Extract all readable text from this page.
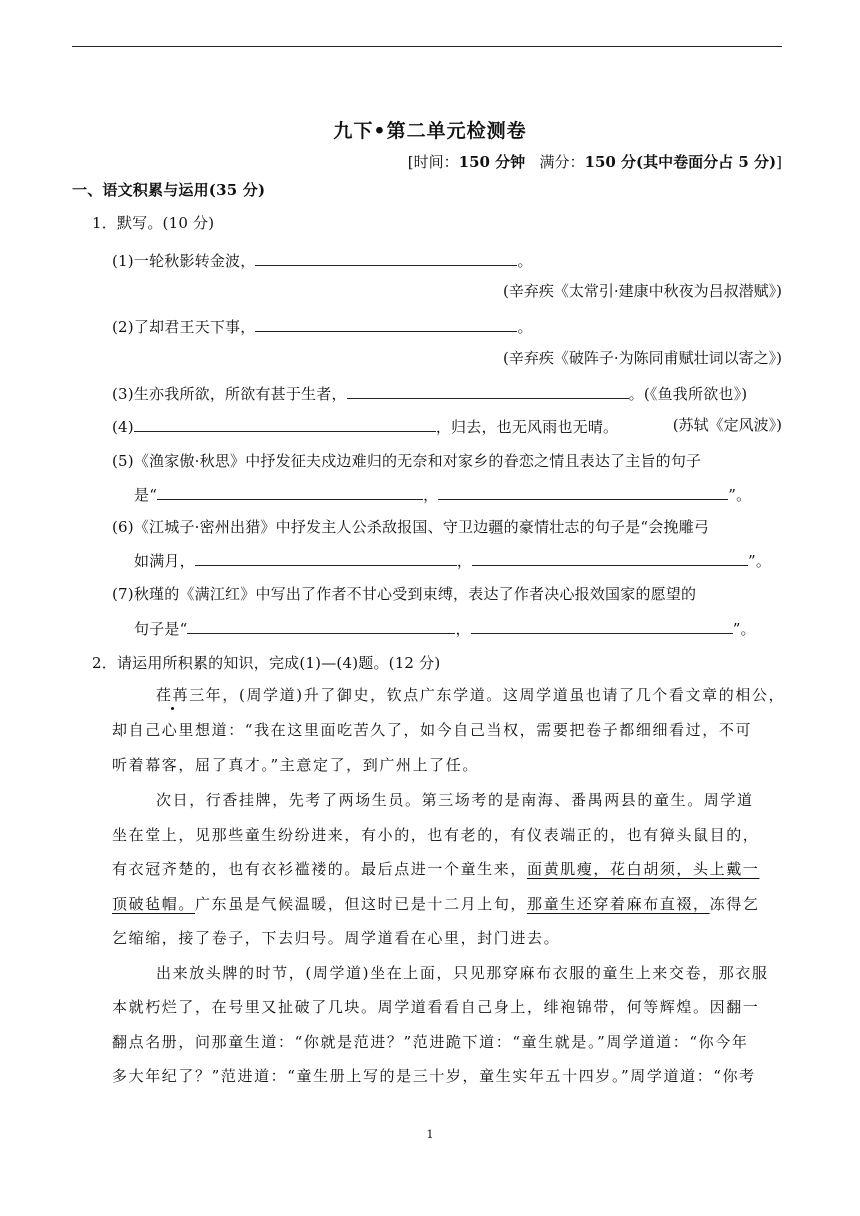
九下•第二单元检测卷
[时间：150 分钟 满分：150 分(其中卷面分占 5 分)]
一、语文积累与运用(35 分)
1．默写。(10 分)
(1)一轮秋影转金波，	。
(辛弃疾《太常引·建康中秋夜为吕叔潜赋》)
(2)了却君王天下事，	。
(辛弃疾《破阵子·为陈同甫赋壮词以寄之》)
(3)生亦我所欲，所欲有甚于生者，	。(《鱼我所欲也》)
(4)	，归去，也无风雨也无晴。	(苏轼《定风波》)
(5)《渔家傲·秋思》中抒发征夫戍边难归的无奈和对家乡的眷恋之情且表达了主旨的句子
是“	，	”。
(6)《江城子·密州出猎》中抒发主人公杀敌报国、守卫边疆的豪情壮志的句子是“会挽雕弓
如满月，	，	”。
(7)秋瑾的《满江红》中写出了作者不甘心受到束缚，表达了作者决心报效国家的愿望的
句子是“	，	”。
2．请运用所积累的知识，完成(1)—(4)题。(12 分)
荏苒三年，(周学道)升了御史，钦点广东学道。这周学道虽也请了几个看文章的相公，
却自己心里想道：“我在这里面吃苦久了，如今自己当权，需要把卷子都细细看过，不可
听着幕客，屈了真才。”主意定了，到广州上了任。
次日，行香挂牌，先考了两场生员。第三场考的是南海、番禺两县的童生。周学道
坐在堂上，见那些童生纷纷进来，有小的，也有老的，有仪表端正的，也有獐头鼠目的，
有衣冠齐楚的，也有衣衫褴褛的。最后点进一个童生来，面黄肌瘦，花白胡须，头上戴一
顶破毡帽。广东虽是气候温暖，但这时已是十二月上旬，那童生还穿着麻布直裰，冻得乞
乞缩缩，接了卷子，下去归号。周学道看在心里，封门进去。
出来放头牌的时节，(周学道)坐在上面，只见那穿麻布衣服的童生上来交卷，那衣服
本就朽烂了，在号里又扯破了几块。周学道看看自己身上，绯袍锦带，何等辉煌。因翻一
翻点名册，问那童生道：“你就是范进？”范进跪下道：“童生就是。”周学道道：“你今年
多大年纪了？”范进道：“童生册上写的是三十岁，童生实年五十四岁。”周学道道：“你考
1
